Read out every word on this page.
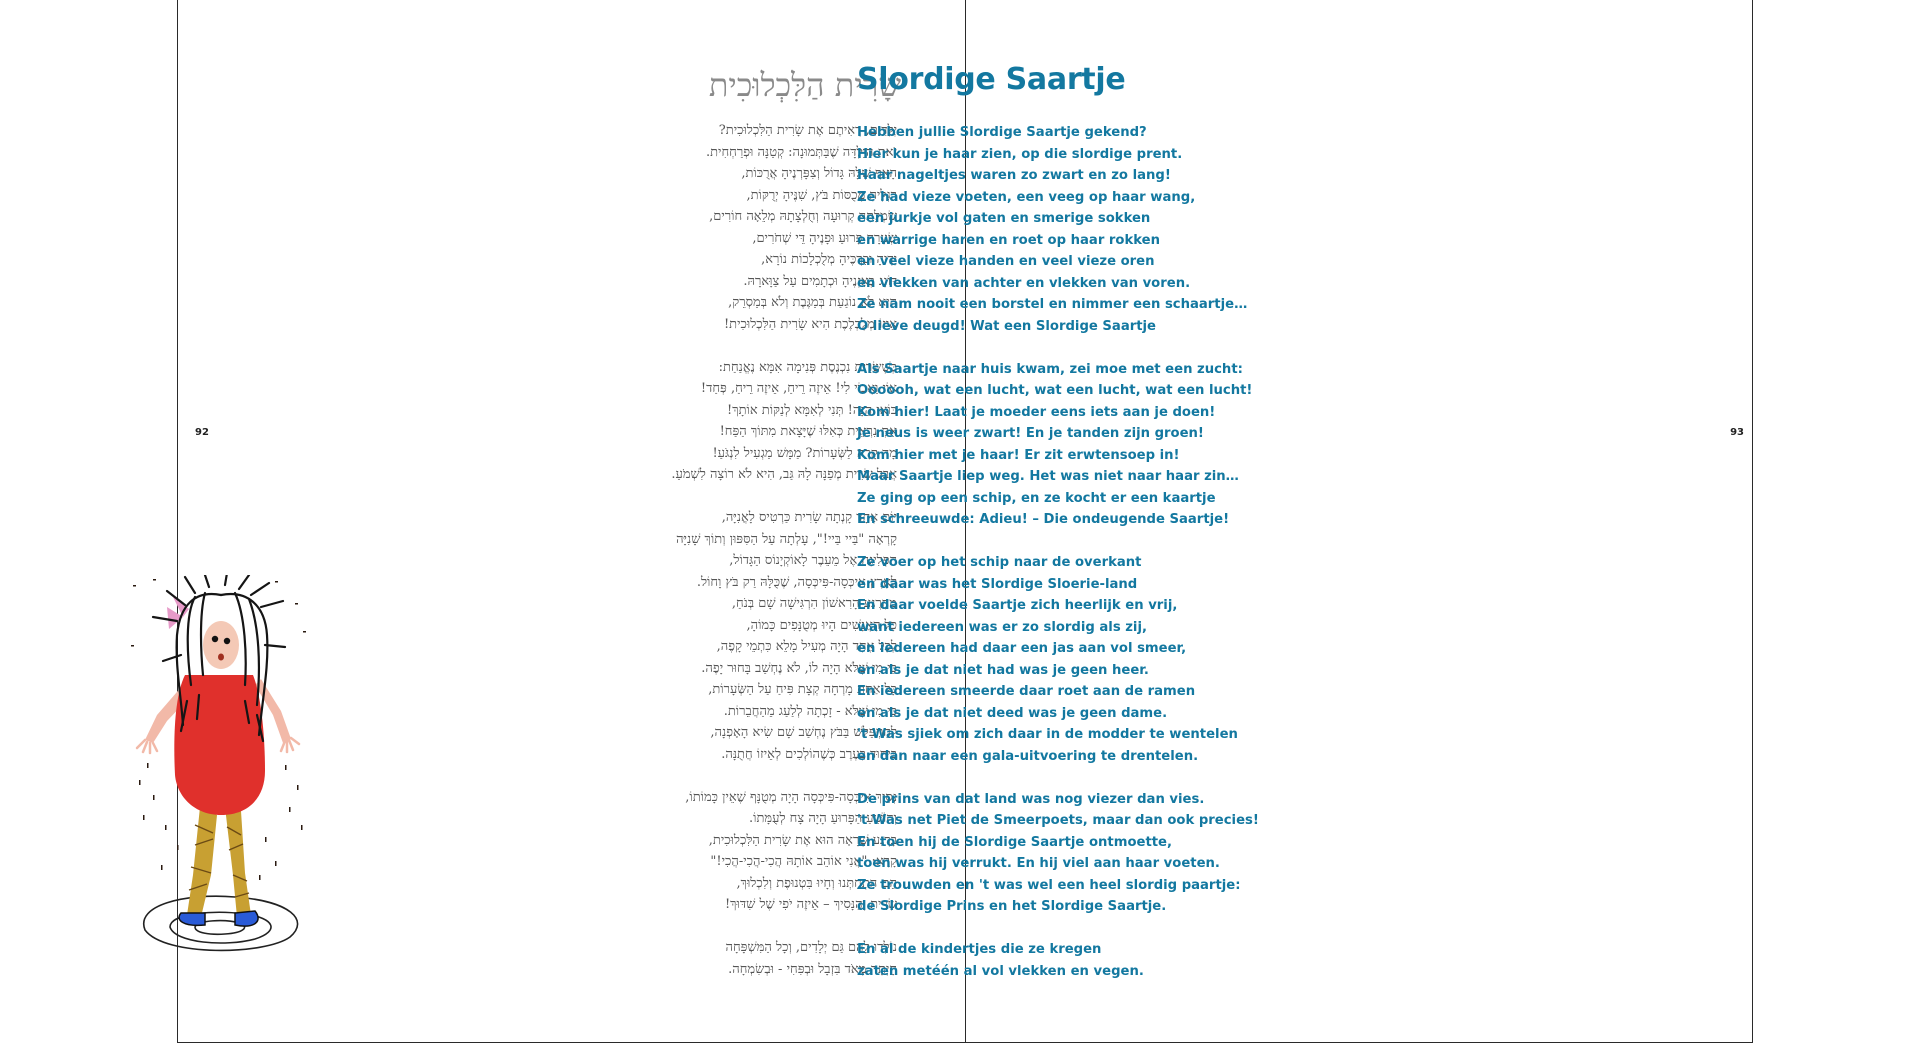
92	93
שָׂרִית הַלִּכְלוּכִית
יְלָדִים, רְאִיתֶם אֶת שָׂרִית הַלִּכְלוּכִית?
זֹאת הַיַּלְדָּה שֶׁבַּתְּמוּנָה: קְטַנָּה וּפְרַחְחִית.
הָאַף שֶׁלָּהּ גָּדוֹל וְצִפָּרְנֶיהָ אֲרֻכּוֹת,
רַגְלֶיהָ מְכֻסּוֹת בֹּץ, שִׁנֶּיהָ יְרֻקּוֹת,
שִׂמְלָתָהּ קְרוּעָה וְחֻלְצָתָהּ מְלֵאָה חוֹרִים,
שְׂעָרָהּ פָּרוּעַ וּפָנֶיהָ דֵּי שְׁחֹרִים,
יָדֶיהָ וּבִרְכֶּיהָ מְלֻכְלָכוֹת נוֹרָא,
דּוֹנָג בְּאָזְנֶיהָ וּכְתָמִים עַל צַוָּארָהּ.
הִיא לֹא נוֹגַעַת בְּמַגֶּבֶת וְלֹא בְּמַסְרֵק,
אֵיזוֹ מְלֻכְלֶכֶת הִיא שָׂרִית הַלִּכְלוּכִית!
כְּשֶׁשָּׂרִית נִכְנֶסֶת פְּנִימָה אִמָּא נֶאֱנַחַת:
אוֹי וַאֲבוֹי לִי! אֵיזֶה רֵיחַ, אֵיזֶה רֵיחַ, פְּחַד!
בּוֹאִי הֵנָּה! תְּנִי לְאִמָּא לְנַקּוֹת אוֹתָךְ!
אַתְּ נִרְאֵית כְּאִלּוּ שֶׁיָּצָאת מִתּוֹךְ הַפַּח!
מָה קָרָה לַשְּׂעָרוֹת? מַמָּשׁ מַגְעִיל לִנְגֹּעַ!
אֲבָל שָׂרִית מְפַנָּה לָהּ גַּב, הִיא לֹא רוֹצָה לִשְׁמֹעַ.
יוֹם אֶחָד קָנְתָה שָׂרִית כַּרְטִיס לָאֳנִיָּה,
קָרְאָה "בַּיי בַּיי!", עָלְתָה עַל הַסִּפּוּן וְתוֹךְ שָׁנִיָּה
הִפְלִיגָה אֶל מֵעֵבֶר לָאוֹקְיָנוֹס הַגָּדוֹל,
לְאֶרֶץ אִיכְּסָה-פִּיכְּסָה, שֶׁכֻּלָּהּ רַק בֹּץ וָחוֹל.
מֵהָרֶגַע הָרִאשׁוֹן הִרְגִּישָׁה שָׁם בְּנֹחַ,
כָּל הָאֲנָשִׁים הָיוּ מְטֻנָּפִים כָּמוֹהָ,
לְכָל אֶחָד הָיָה מְעִיל מָלֵא כִּתְמֵי קָפֶה,
כִּי מִי שֶׁלֹּא הָיָה לוֹ, לֹא נֶחְשַׁב בָּחוּר יָפֶה.
כָּל אַחַת מָרְחָה קְצָת פִּיחַ עַל הַשְּׂעָרוֹת,
כִּי מִי שֶׁלֹּא - זָכְתָה לְלַעַג מֵהַחֲבֵרוֹת.
לְהִתְפַּלֵּשׁ בַּבֹּץ נֶחְשַׁב שָׁם שִׂיא הָאָפְנָה,
בִּיחוּד בָּעֶרֶב כְּשֶׁהוֹלְכִים לְאֵיזוֹ חֲתֻנָּה.
נְסִיךְ אִיכְּסָה-פִּיכְּסָה הָיָה מְטֻנָּף שֶׁאֵין כָּמוֹתוֹ,
וְהוֹשֵׁעַ הַפָּרוּעַ הָיָה צָח לְעֻמָּתוֹ.
בָּרֶגַע שֶׁרָאָה הוּא אֶת שָׂרִית הַלִּכְלוּכִית,
קָרָא: "אֲנִי אוֹהֵב אוֹתָהּ הֲכִי-הֲכִי-הֲכִי!"
הֵם הִתְחַתְּנוּ וְחָיוּ בִּטְנוּפֶת וְלִכְלוּךְ,
שָׂרִית וְהַנָּסִיךְ – אֵיזֶה יֹפִי שֶׁל שִׁדּוּךְ!
נוֹלְדוּ לָהֶם גַּם יְלָדִים, וְכָל הַמִּשְׁפָּחָה
חָיְתָה מְאֹד בִּזְבָל וּבְפִּחִי - וּבְשִׂמְחָה.
Slordige Saartje
Hebben jullie Slordige Saartje gekend?
Hier kun je haar zien, op die slordige prent.
Haar nageltjes waren zo zwart en zo lang!
Ze had vieze voeten, een veeg op haar wang,
een jurkje vol gaten en smerige sokken
en warrige haren en roet op haar rokken
en veel vieze handen en veel vieze oren
en vlekken van achter en vlekken van voren.
Ze nam nooit een borstel en nimmer een schaartje…
O lieve deugd! Wat een Slordige Saartje
Als Saartje naar huis kwam, zei moe met een zucht:
Oooooh, wat een lucht, wat een lucht, wat een lucht!
Kom hier! Laat je moeder eens iets aan je doen!
Je neus is weer zwart! En je tanden zijn groen!
Kom hier met je haar! Er zit erwtensoep in!
Maar Saartje liep weg. Het was niet naar haar zin…
Ze ging op een schip, en ze kocht er een kaartje
En schreeuwde: Adieu! – Die ondeugende Saartje!
Ze voer op het schip naar de overkant
en daar was het Slordige Sloerie-land
En daar voelde Saartje zich heerlijk en vrij,
want iedereen was er zo slordig als zij,
en iedereen had daar een jas aan vol smeer,
en als je dat niet had was je geen heer.
En iedereen smeerde daar roet aan de ramen
en als je dat niet deed was je geen dame.
't Was sjiek om zich daar in de modder te wentelen
en dan naar een gala-uitvoering te drentelen.
De prins van dat land was nog viezer dan vies.
't Was net Piet de Smeerpoets, maar dan ook precies!
En toen hij de Slordige Saartje ontmoette,
toen was hij verrukt. En hij viel aan haar voeten.
Ze trouwden en 't was wel een heel slordig paartje:
de Slordige Prins en het Slordige Saartje.
En al de kindertjes die ze kregen
zaten metéén al vol vlekken en vegen.
